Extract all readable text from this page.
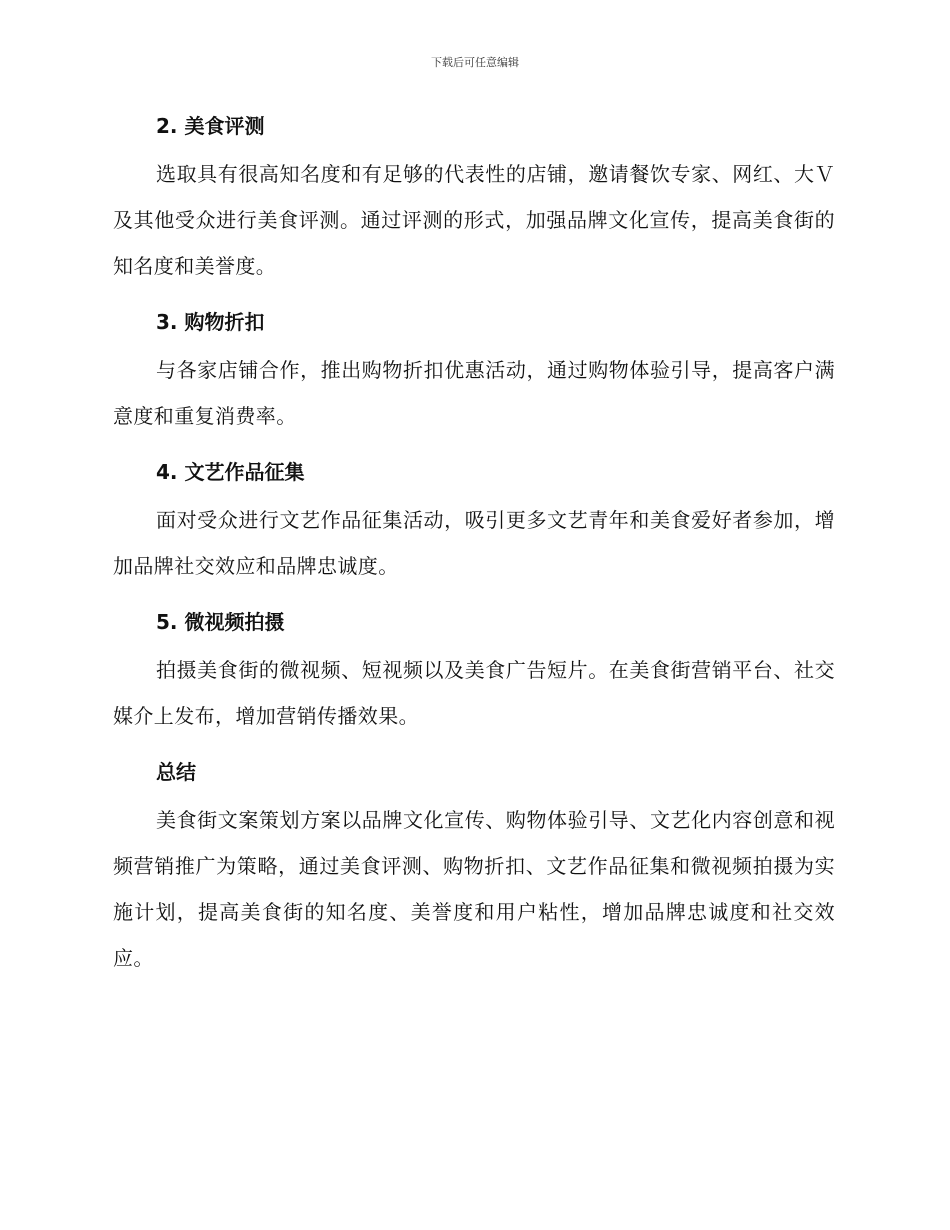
下载后可任意编辑
2. 美食评测

选取具有很高知名度和有足够的代表性的店铺，邀请餐饮专家、网红、大Ｖ及其他受众进行美食评测。通过评测的形式，加强品牌文化宣传，提高美食街的知名度和美誉度。

3. 购物折扣

与各家店铺合作，推出购物折扣优惠活动，通过购物体验引导，提高客户满意度和重复消费率。

4. 文艺作品征集

面对受众进行文艺作品征集活动，吸引更多文艺青年和美食爱好者参加，增加品牌社交效应和品牌忠诚度。

5. 微视频拍摄

拍摄美食街的微视频、短视频以及美食广告短片。在美食街营销平台、社交媒介上发布，增加营销传播效果。

总结

美食街文案策划方案以品牌文化宣传、购物体验引导、文艺化内容创意和视频营销推广为策略，通过美食评测、购物折扣、文艺作品征集和微视频拍摄为实施计划，提高美食街的知名度、美誉度和用户粘性，增加品牌忠诚度和社交效应。
